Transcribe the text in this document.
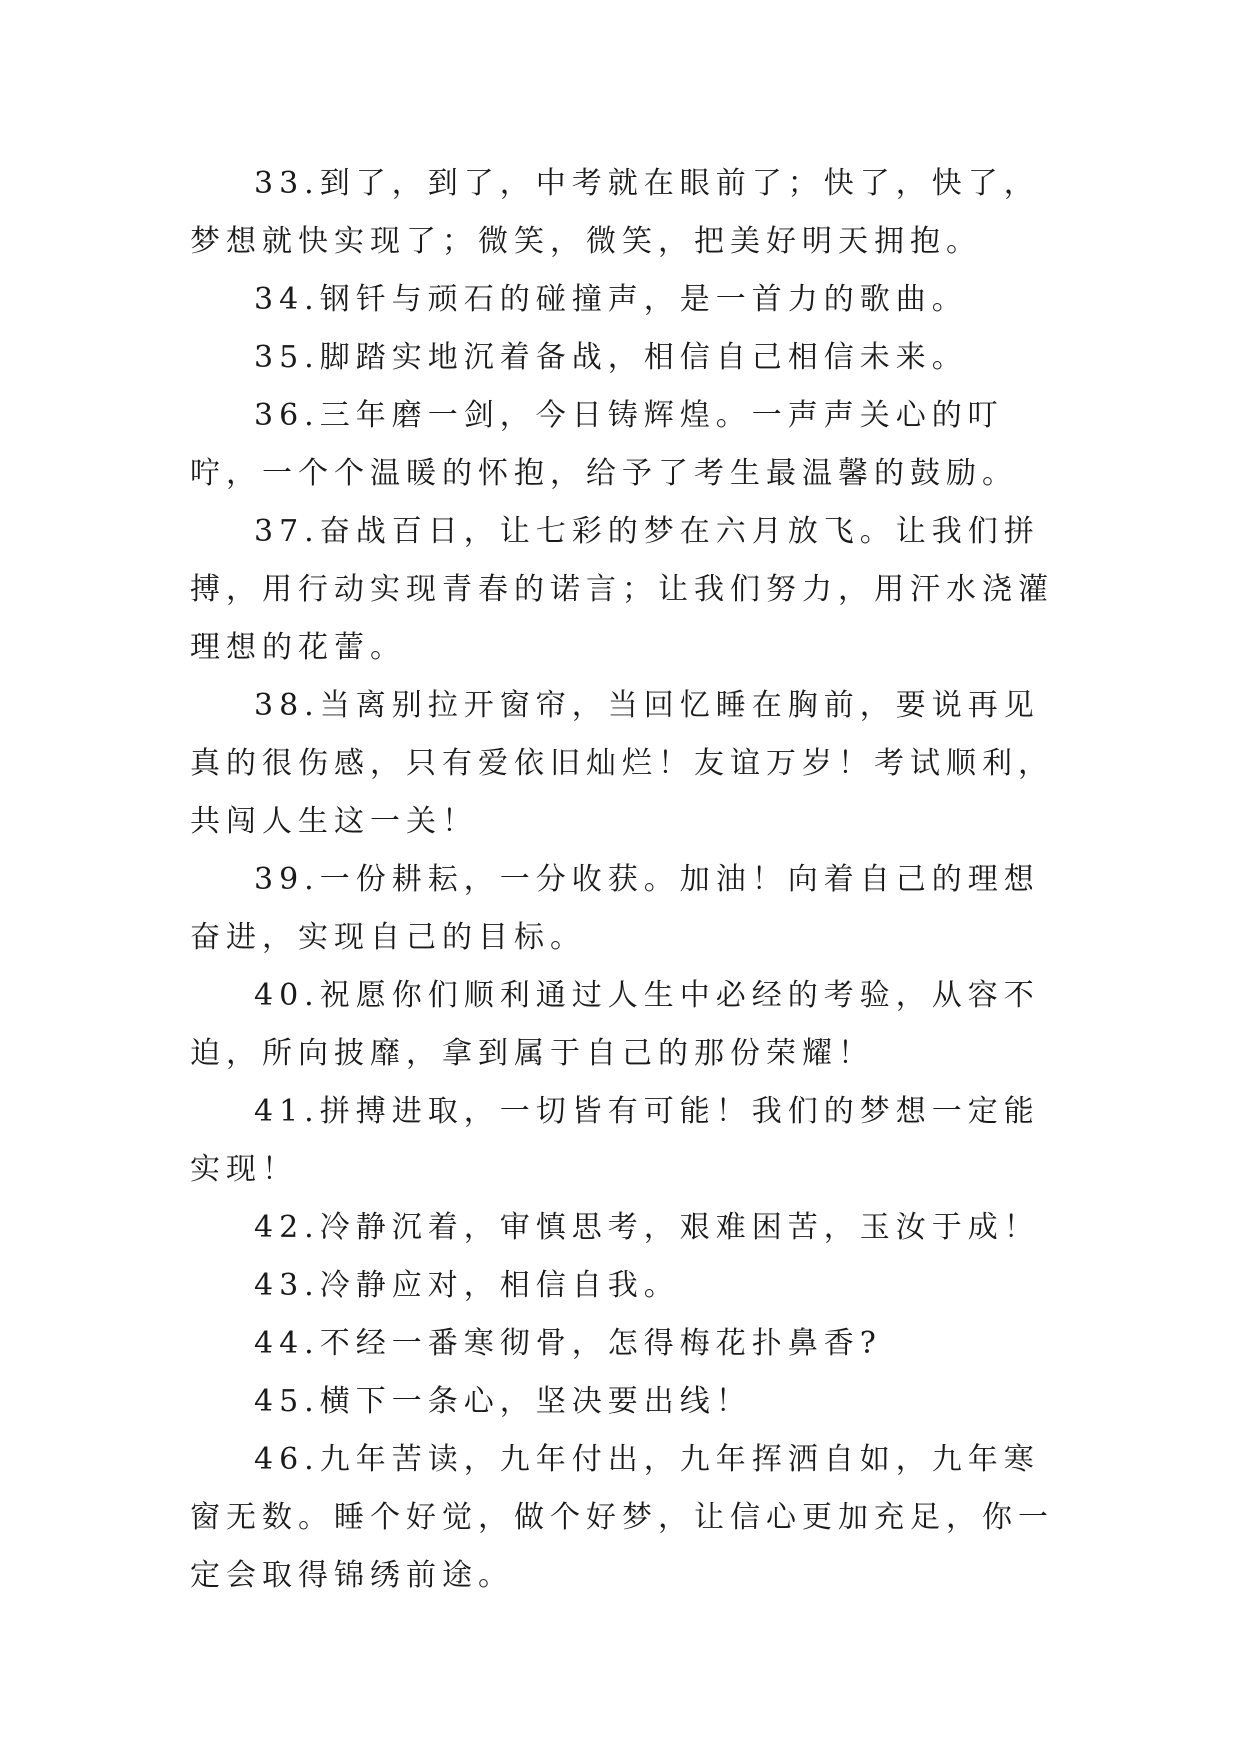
33.到了，到了，中考就在眼前了；快了，快了，梦想就快实现了；微笑，微笑，把美好明天拥抱。

34.钢钎与顽石的碰撞声，是一首力的歌曲。

35.脚踏实地沉着备战，相信自己相信未来。

36.三年磨一剑，今日铸辉煌。一声声关心的叮咛，一个个温暖的怀抱，给予了考生最温馨的鼓励。

37.奋战百日，让七彩的梦在六月放飞。让我们拼搏，用行动实现青春的诺言；让我们努力，用汗水浇灌理想的花蕾。

38.当离别拉开窗帘，当回忆睡在胸前，要说再见真的很伤感，只有爱依旧灿烂！友谊万岁！考试顺利，共闯人生这一关！

39.一份耕耘，一分收获。加油！向着自己的理想奋进，实现自己的目标。

40.祝愿你们顺利通过人生中必经的考验，从容不迫，所向披靡，拿到属于自己的那份荣耀！

41.拼搏进取，一切皆有可能！我们的梦想一定能实现！

42.冷静沉着，审慎思考，艰难困苦，玉汝于成！

43.冷静应对，相信自我。

44.不经一番寒彻骨，怎得梅花扑鼻香?

45.横下一条心，坚决要出线！

46.九年苦读，九年付出，九年挥洒自如，九年寒窗无数。睡个好觉，做个好梦，让信心更加充足，你一定会取得锦绣前途。
